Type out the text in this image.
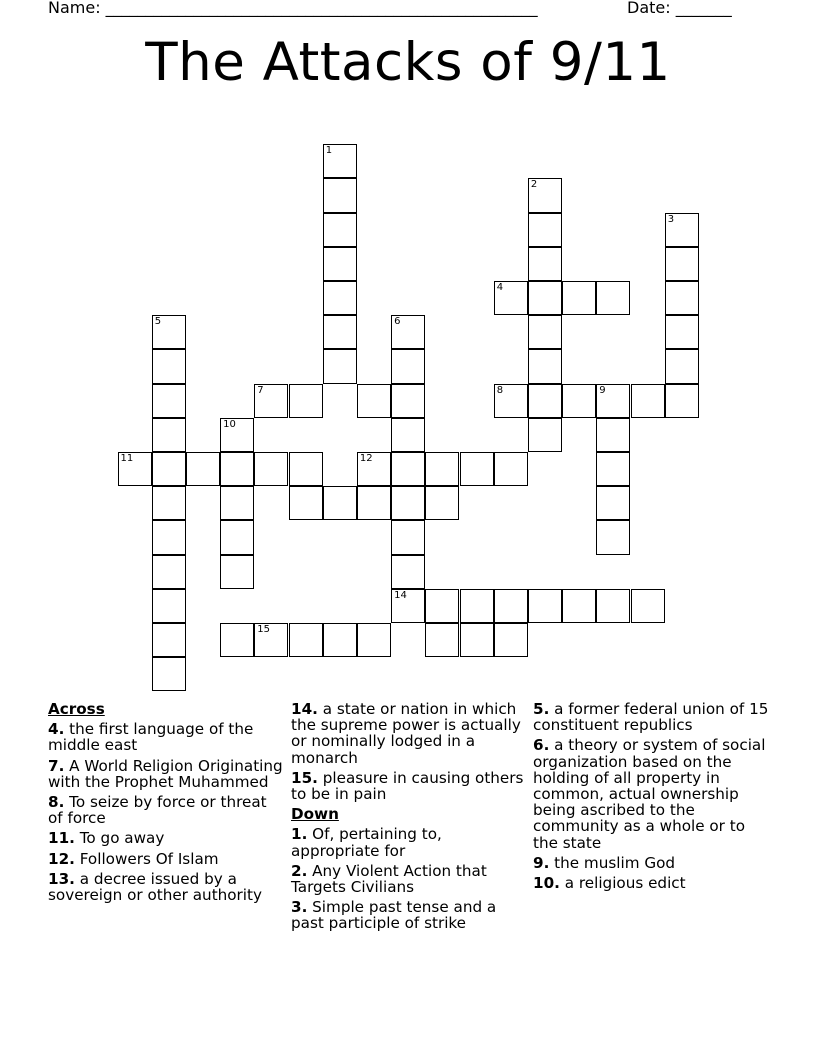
Name: ______________________________________________________	Date: _______
The Attacks of 9/11
1
2
3
4
5	6
7	8	9
10
11	12
14
15
Across
4. the first language of the middle east
7. A World Religion Originating with the Prophet Muhammed
8. To seize by force or threat of force
11. To go away
12. Followers Of Islam
13. a decree issued by a sovereign or other authority
14. a state or nation in which the supreme power is actually or nominally lodged in a monarch
15. pleasure in causing others to be in pain
Down
1. Of, pertaining to, appropriate for
2. Any Violent Action that Targets Civilians
3. Simple past tense and a past participle of strike
5. a former federal union of 15 constituent republics
6. a theory or system of social organization based on the holding of all property in common, actual ownership being ascribed to the community as a whole or to the state
9. the muslim God
10. a religious edict
